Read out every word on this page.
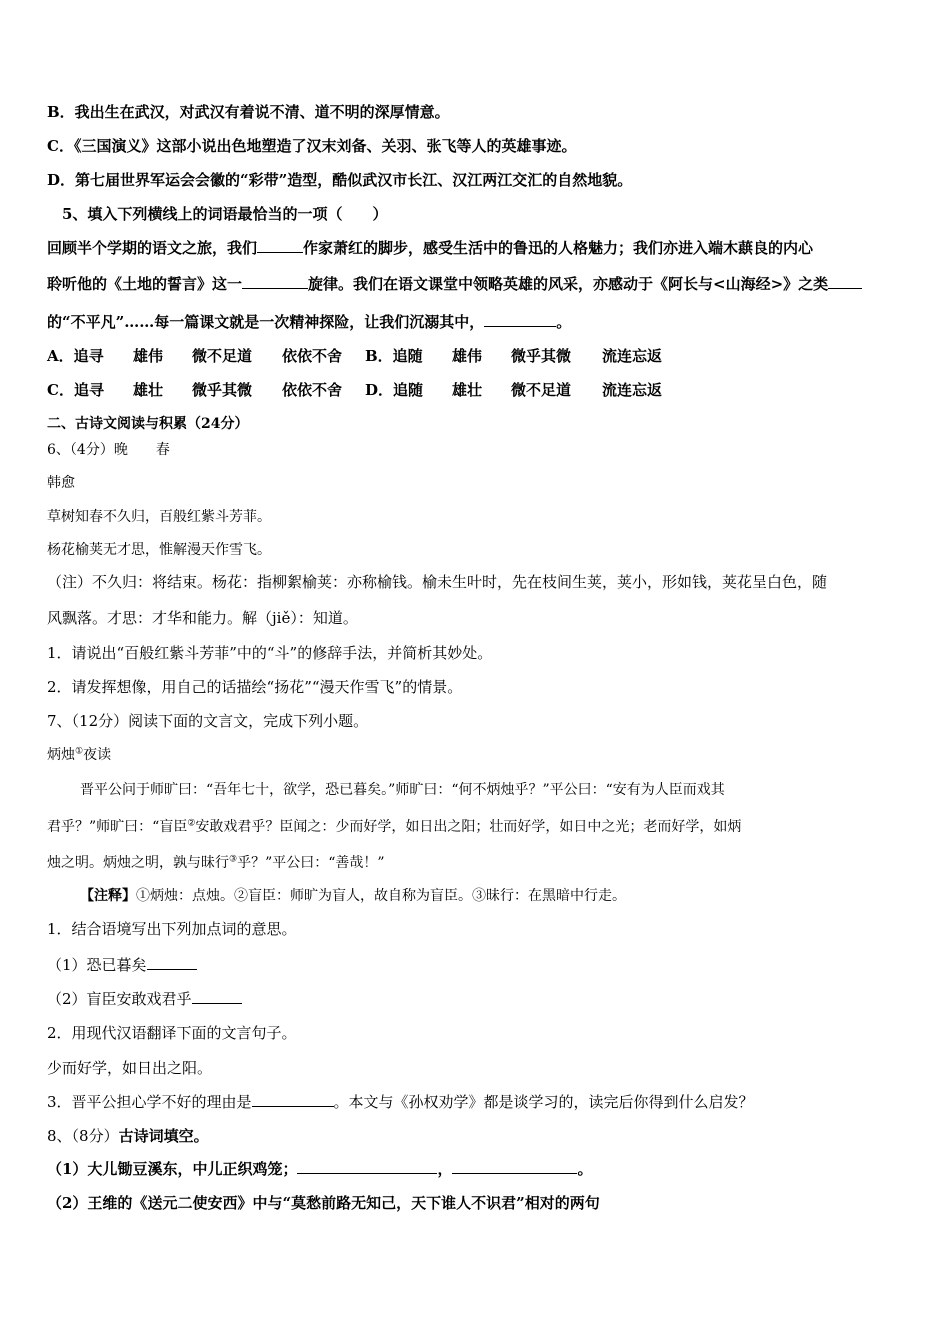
B．我出生在武汉，对武汉有着说不清、道不明的深厚情意。
C．《三国演义》这部小说出色地塑造了汉末刘备、关羽、张飞等人的英雄事迹。
D．第七届世界军运会会徽的“彩带”造型，酷似武汉市长江、汉江两江交汇的自然地貌。
5、填入下列横线上的词语最恰当的一项（　　）
回顾半个学期的语文之旅，我们	作家萧红的脚步，感受生活中的鲁迅的人格魅力；我们亦进入端木蕻良的内心
聆听他的《土地的誓言》这一	旋律。我们在语文课堂中领略英雄的风采，亦感动于《阿长与<山海经>》之类
的“不平凡”……每一篇课文就是一次精神探险，让我们沉溺其中，	。
A．追寻 雄伟 微不足道 依依不舍 B．追随 雄伟 微乎其微 流连忘返
C．追寻 雄壮 微乎其微 依依不舍 D．追随 雄壮 微不足道 流连忘返
二、古诗文阅读与积累（24分）
6、（4分）晚　　春
韩愈
草树知春不久归，百般红紫斗芳菲。
杨花榆荚无才思，惟解漫天作雪飞。
（注）不久归：将结束。杨花：指柳絮榆荚：亦称榆钱。榆未生叶时，先在枝间生荚，荚小，形如钱，荚花呈白色，随
风飘落。才思：才华和能力。解（jiě）：知道。
1．请说出“百般红紫斗芳菲”中的“斗”的修辞手法，并简析其妙处。
2．请发挥想像，用自己的话描绘“扬花”“漫天作雪飞”的情景。
7、（12分）阅读下面的文言文，完成下列小题。
炳烛①夜读
晋平公问于师旷曰：“吾年七十，欲学，恐已暮矣。”师旷曰：“何不炳烛乎？”平公曰：“安有为人臣而戏其
君乎？”师旷曰：“盲臣②安敢戏君乎？臣闻之：少而好学，如日出之阳；壮而好学，如日中之光；老而好学，如炳
烛之明。炳烛之明，孰与昧行③乎？”平公曰：“善哉！”
【注释】①炳烛：点烛。②盲臣：师旷为盲人，故自称为盲臣。③昧行：在黑暗中行走。
1．结合语境写出下列加点词的意思。
（1）恐已暮矣
（2）盲臣安敢戏君乎
2．用现代汉语翻译下面的文言句子。
少而好学，如日出之阳。
3．晋平公担心学不好的理由是	。本文与《孙权劝学》都是谈学习的，读完后你得到什么启发？
8、（8分）古诗词填空。
（1）大儿锄豆溪东，中儿正织鸡笼；	，	。
（2）王维的《送元二使安西》中与“莫愁前路无知己，天下谁人不识君”相对的两句
